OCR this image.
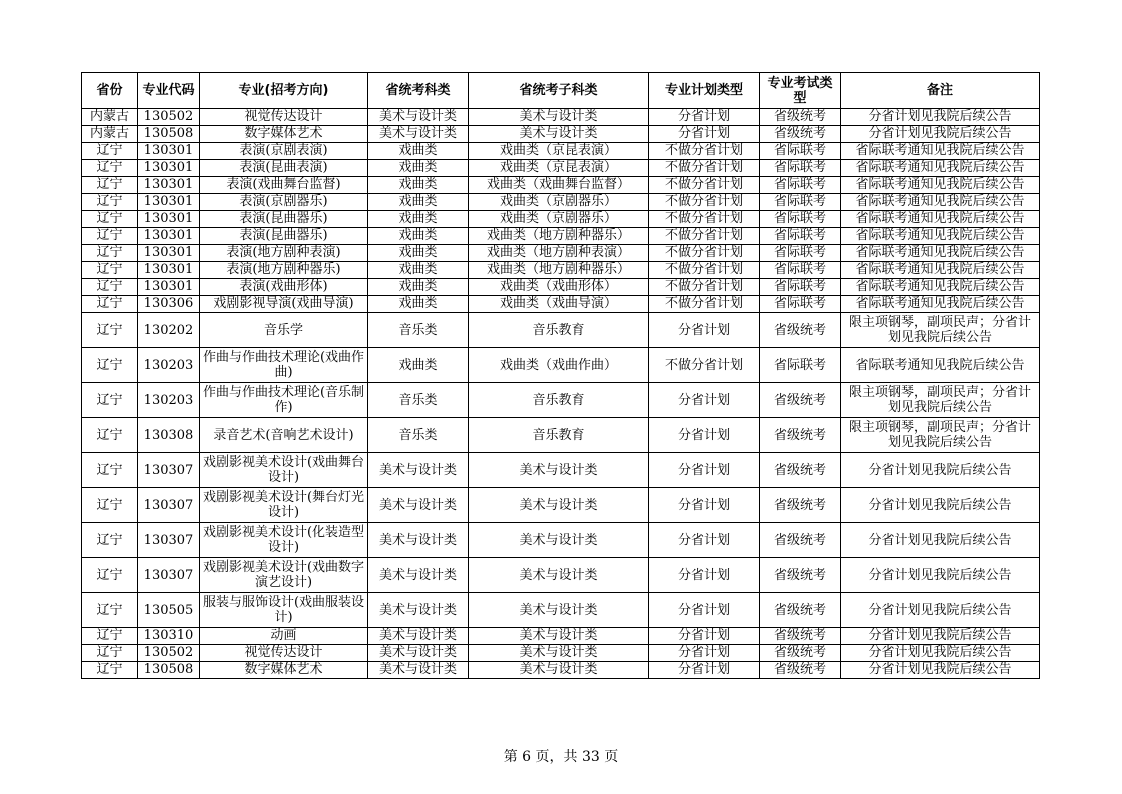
省份	专业代码	专业(招考方向)	省统考科类	省统考子科类	专业计划类型	专业考试类型	备注
内蒙古	130502	视觉传达设计	美术与设计类	美术与设计类	分省计划	省级统考	分省计划见我院后续公告
内蒙古	130508	数字媒体艺术	美术与设计类	美术与设计类	分省计划	省级统考	分省计划见我院后续公告
辽宁	130301	表演(京剧表演)	戏曲类	戏曲类（京昆表演）	不做分省计划	省际联考	省际联考通知见我院后续公告
辽宁	130301	表演(昆曲表演)	戏曲类	戏曲类（京昆表演）	不做分省计划	省际联考	省际联考通知见我院后续公告
辽宁	130301	表演(戏曲舞台监督)	戏曲类	戏曲类（戏曲舞台监督）	不做分省计划	省际联考	省际联考通知见我院后续公告
辽宁	130301	表演(京剧器乐)	戏曲类	戏曲类（京剧器乐）	不做分省计划	省际联考	省际联考通知见我院后续公告
辽宁	130301	表演(昆曲器乐)	戏曲类	戏曲类（京剧器乐）	不做分省计划	省际联考	省际联考通知见我院后续公告
辽宁	130301	表演(昆曲器乐)	戏曲类	戏曲类（地方剧种器乐）	不做分省计划	省际联考	省际联考通知见我院后续公告
辽宁	130301	表演(地方剧种表演)	戏曲类	戏曲类（地方剧种表演）	不做分省计划	省际联考	省际联考通知见我院后续公告
辽宁	130301	表演(地方剧种器乐)	戏曲类	戏曲类（地方剧种器乐）	不做分省计划	省际联考	省际联考通知见我院后续公告
辽宁	130301	表演(戏曲形体)	戏曲类	戏曲类（戏曲形体）	不做分省计划	省际联考	省际联考通知见我院后续公告
辽宁	130306	戏剧影视导演(戏曲导演)	戏曲类	戏曲类（戏曲导演）	不做分省计划	省际联考	省际联考通知见我院后续公告
辽宁	130202	音乐学	音乐类	音乐教育	分省计划	省级统考	限主项钢琴，副项民声；分省计划见我院后续公告
辽宁	130203	作曲与作曲技术理论(戏曲作曲)	戏曲类	戏曲类（戏曲作曲）	不做分省计划	省际联考	省际联考通知见我院后续公告
辽宁	130203	作曲与作曲技术理论(音乐制作)	音乐类	音乐教育	分省计划	省级统考	限主项钢琴，副项民声；分省计划见我院后续公告
辽宁	130308	录音艺术(音响艺术设计)	音乐类	音乐教育	分省计划	省级统考	限主项钢琴，副项民声；分省计划见我院后续公告
辽宁	130307	戏剧影视美术设计(戏曲舞台设计)	美术与设计类	美术与设计类	分省计划	省级统考	分省计划见我院后续公告
辽宁	130307	戏剧影视美术设计(舞台灯光设计)	美术与设计类	美术与设计类	分省计划	省级统考	分省计划见我院后续公告
辽宁	130307	戏剧影视美术设计(化装造型设计)	美术与设计类	美术与设计类	分省计划	省级统考	分省计划见我院后续公告
辽宁	130307	戏剧影视美术设计(戏曲数字演艺设计)	美术与设计类	美术与设计类	分省计划	省级统考	分省计划见我院后续公告
辽宁	130505	服装与服饰设计(戏曲服装设计)	美术与设计类	美术与设计类	分省计划	省级统考	分省计划见我院后续公告
辽宁	130310	动画	美术与设计类	美术与设计类	分省计划	省级统考	分省计划见我院后续公告
辽宁	130502	视觉传达设计	美术与设计类	美术与设计类	分省计划	省级统考	分省计划见我院后续公告
辽宁	130508	数字媒体艺术	美术与设计类	美术与设计类	分省计划	省级统考	分省计划见我院后续公告
第 6 页，共 33 页
